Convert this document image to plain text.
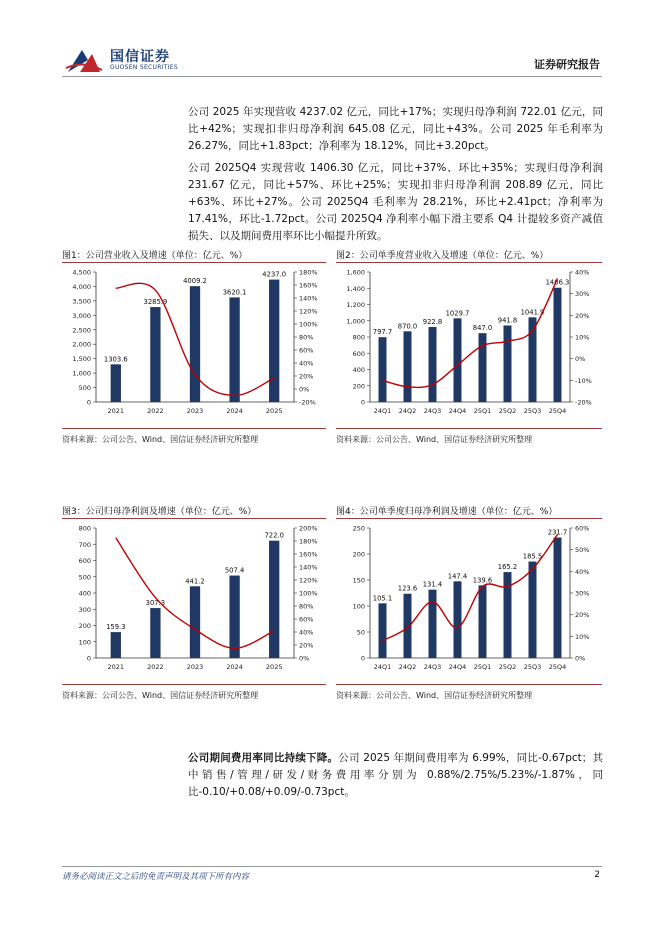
国信证券
GUOSEN SECURITIES	证券研究报告
公司 2025 年实现营收 4237.02 亿元，同比+17%；实现归母净利润 722.01 亿元，同比+42%；实现扣非归母净利润 645.08 亿元，同比+43%。公司 2025 年毛利率为 26.27%，同比+1.83pct；净利率为 18.12%，同比+3.20pct。
公司 2025Q4 实现营收 1406.30 亿元，同比+37%、环比+35%；实现归母净利润 231.67 亿元，同比+57%、环比+25%；实现扣非归母净利润 208.89 亿元，同比+63%、环比+27%。公司 2025Q4 毛利率为 28.21%，环比+2.41pct；净利率为 17.41%，环比-1.72pct。公司 2025Q4 净利率小幅下滑主要系 Q4 计提较多资产减值损失、以及期间费用率环比小幅提升所致。
图1：公司营业收入及增速（单位：亿元、%）
0
500
1,000
1,500
2,000
2,500
3,000
3,500
4,000
4,500
-20%
0%
20%
40%
60%
80%
100%
120%
140%
160%
180%
1303.6
2021
3285.9
2022
4009.2
2023
3620.1
2024
4237.0
2025
资料来源：公司公告、Wind、国信证券经济研究所整理
图2：公司单季度营业收入及增速（单位：亿元、%）
0
200
400
600
800
1,000
1,200
1,400
1,600
-20%
-10%
0%
10%
20%
30%
40%
797.7
24Q1
870.0
24Q2
922.8
24Q3
1029.7
24Q4
847.0
25Q1
941.8
25Q2
1041.9
25Q3
1406.3
25Q4
资料来源：公司公告、Wind、国信证券经济研究所整理
图3：公司归母净利润及增速（单位：亿元、%）
0
100
200
300
400
500
600
700
800
0%
20%
40%
60%
80%
100%
120%
140%
160%
180%
200%
159.3
2021
307.3
2022
441.2
2023
507.4
2024
722.0
2025
资料来源：公司公告、Wind、国信证券经济研究所整理
图4：公司单季度归母净利润及增速（单位：亿元、%）
0
50
100
150
200
250
0%
10%
20%
30%
40%
50%
60%
105.1
24Q1
123.6
24Q2
131.4
24Q3
147.4
24Q4
139.6
25Q1
165.2
25Q2
185.5
25Q3
231.7
25Q4
资料来源：公司公告、Wind、国信证券经济研究所整理
公司期间费用率同比持续下降。公司 2025 年期间费用率为 6.99%，同比-0.67pct；其中销售/管理/研发/财务费用率分别为 0.88%/2.75%/5.23%/-1.87%，同比-0.10/+0.08/+0.09/-0.73pct。
请务必阅读正文之后的免责声明及其项下所有内容	2
